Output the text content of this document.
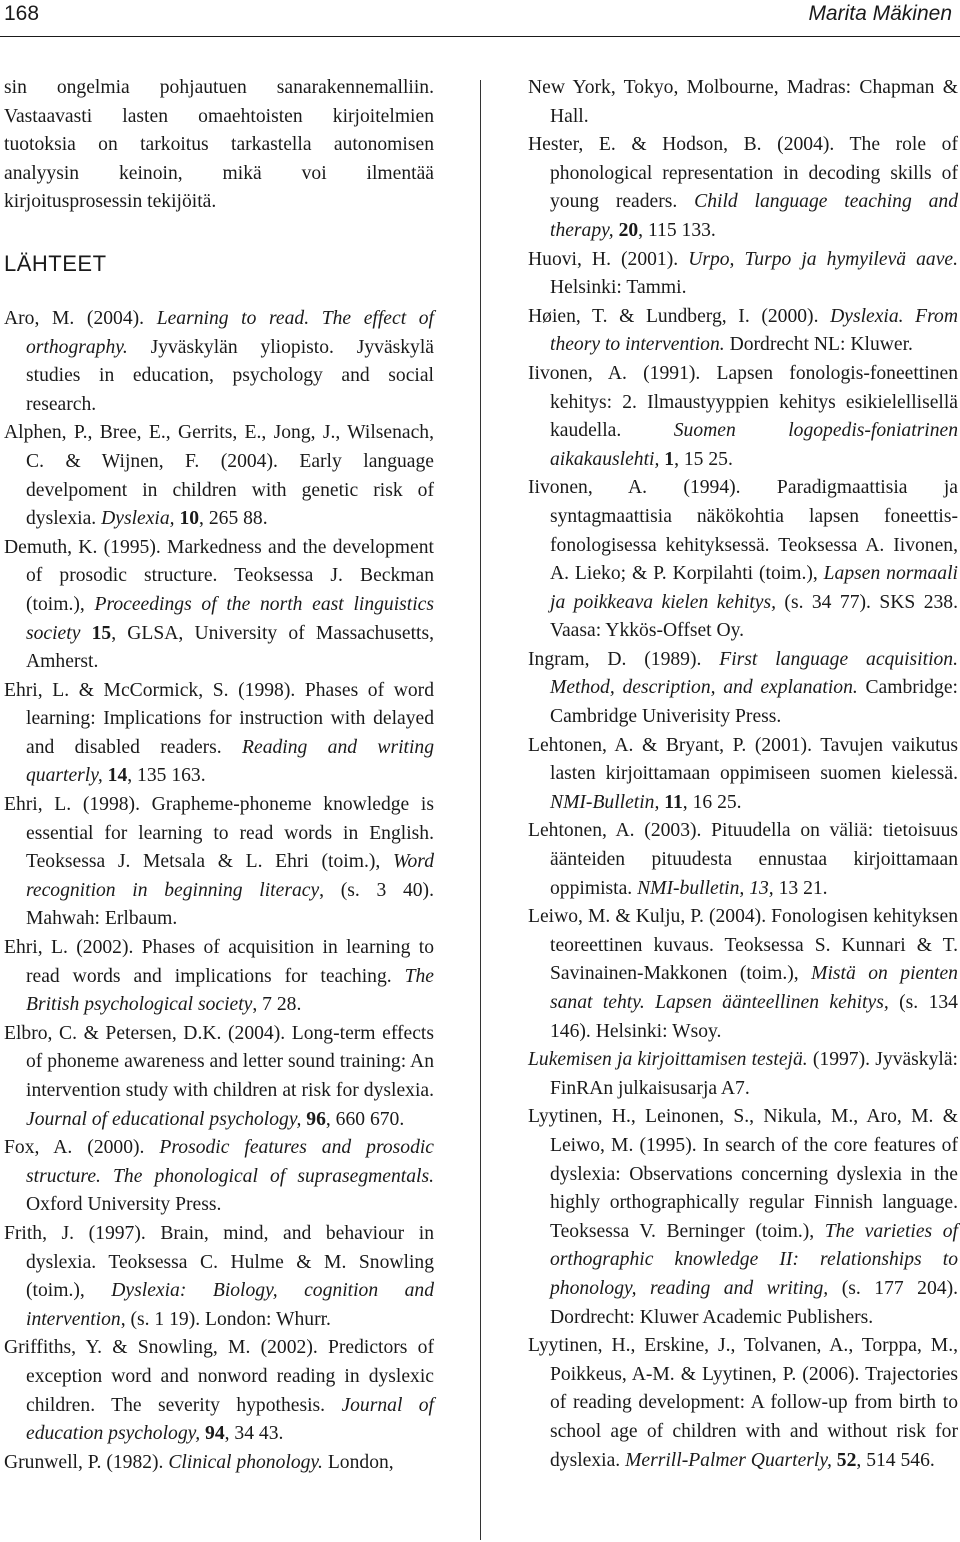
168	Marita Mäkinen

sin ongelmia pohjautuen sanarakennemalliin. Vastaavasti lasten omaehtoisten kirjoitelmien tuotoksia on tarkoitus tarkastella autonomisen analyysin keinoin, mikä voi ilmentää kirjoitusprosessin tekijöitä.

LÄHTEET

Aro, M. (2004). Learning to read. The effect of orthography. Jyväskylän yliopisto. Jyväskylä studies in education, psychology and social research.

Alphen, P., Bree, E., Gerrits, E., Jong, J., Wilsenach, C. & Wijnen, F. (2004). Early language develpoment in children with genetic risk of dyslexia. Dyslexia, 10, 265 88.

Demuth, K. (1995). Markedness and the development of prosodic structure. Teoksessa J. Beckman (toim.), Proceedings of the north east linguistics society 15, GLSA, University of Massachusetts, Amherst.

Ehri, L. & McCormick, S. (1998). Phases of word learning: Implications for instruction with delayed and disabled readers. Reading and writing quarterly, 14, 135 163.

Ehri, L. (1998). Grapheme-phoneme knowledge is essential for learning to read words in English. Teoksessa J. Metsala & L. Ehri (toim.), Word recognition in beginning literacy, (s. 3 40). Mahwah: Erlbaum.

Ehri, L. (2002). Phases of acquisition in learning to read words and implications for teaching. The British psychological society, 7 28.

Elbro, C. & Petersen, D.K. (2004). Long-term effects of phoneme awareness and letter sound training: An intervention study with children at risk for dyslexia. Journal of educational psychology, 96, 660 670.

Fox, A. (2000). Prosodic features and prosodic structure. The phonological of suprasegmentals. Oxford University Press.

Frith, J. (1997). Brain, mind, and behaviour in dyslexia. Teoksessa C. Hulme & M. Snowling (toim.), Dyslexia: Biology, cognition and intervention, (s. 1 19). London: Whurr.

Griffiths, Y. & Snowling, M. (2002). Predictors of exception word and nonword reading in dyslexic children. The severity hypothesis. Journal of education psychology, 94, 34 43.

Grunwell, P. (1982). Clinical phonology. London,

New York, Tokyo, Molbourne, Madras: Chapman & Hall.

Hester, E. & Hodson, B. (2004). The role of phonological representation in decoding skills of young readers. Child language teaching and therapy, 20, 115 133.

Huovi, H. (2001). Urpo, Turpo ja hymyilevä aave. Helsinki: Tammi.

Høien, T. & Lundberg, I. (2000). Dyslexia. From theory to intervention. Dordrecht NL: Kluwer.

Iivonen, A. (1991). Lapsen fonologis-foneettinen kehitys: 2. Ilmaustyyppien kehitys esikielellisellä kaudella. Suomen logopedis-foniatrinen aikakauslehti, 1, 15 25.

Iivonen, A. (1994). Paradigmaattisia ja syntagmaattisia näkökohtia lapsen foneettis-fonologisessa kehityksessä. Teoksessa A. Iivonen, A. Lieko; & P. Korpilahti (toim.), Lapsen normaali ja poikkeava kielen kehitys, (s. 34 77). SKS 238. Vaasa: Ykkös-Offset Oy.

Ingram, D. (1989). First language acquisition. Method, description, and explanation. Cambridge: Cambridge Univerisity Press.

Lehtonen, A. & Bryant, P. (2001). Tavujen vaikutus lasten kirjoittamaan oppimiseen suomen kielessä. NMI-Bulletin, 11, 16 25.

Lehtonen, A. (2003). Pituudella on väliä: tietoisuus äänteiden pituudesta ennustaa kirjoittamaan oppimista. NMI-bulletin, 13, 13 21.

Leiwo, M. & Kulju, P. (2004). Fonologisen kehityksen teoreettinen kuvaus. Teoksessa S. Kunnari & T. Savinainen-Makkonen (toim.), Mistä on pienten sanat tehty. Lapsen äänteellinen kehitys, (s. 134 146). Helsinki: Wsoy.

Lukemisen ja kirjoittamisen testejä. (1997). Jyväskylä: FinRAn julkaisusarja A7.

Lyytinen, H., Leinonen, S., Nikula, M., Aro, M. & Leiwo, M. (1995). In search of the core features of dyslexia: Observations concerning dyslexia in the highly orthographically regular Finnish language. Teoksessa V. Berninger (toim.), The varieties of orthographic knowledge II: relationships to phonology, reading and writing, (s. 177 204). Dordrecht: Kluwer Academic Publishers.

Lyytinen, H., Erskine, J., Tolvanen, A., Torppa, M., Poikkeus, A-M. & Lyytinen, P. (2006). Trajectories of reading development: A follow-up from birth to school age of children with and without risk for dyslexia. Merrill-Palmer Quarterly, 52, 514 546.
